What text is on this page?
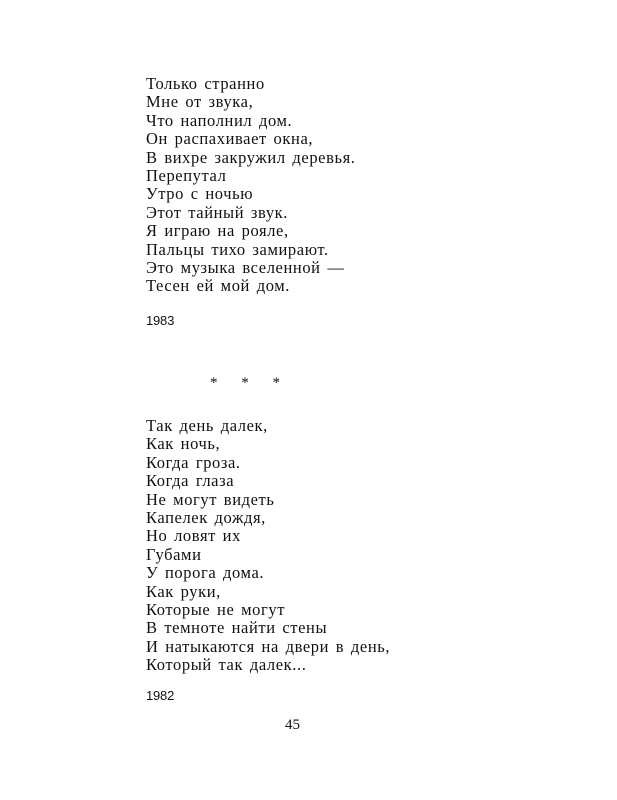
Только странно
Мне от звука,
Что наполнил дом.
Он распахивает окна,
В вихре закружил деревья.
Перепутал
Утро с ночью
Этот тайный звук.
Я играю на рояле,
Пальцы тихо замирают.
Это музыка вселенной —
Тесен ей мой дом.
1983
* * *
Так день далек,
Как ночь,
Когда гроза.
Когда глаза
Не могут видеть
Капелек дождя,
Но ловят их
Губами
У порога дома.
Как руки,
Которые не могут
В темноте найти стены
И натыкаются на двери в день,
Который так далек...
1982
45
